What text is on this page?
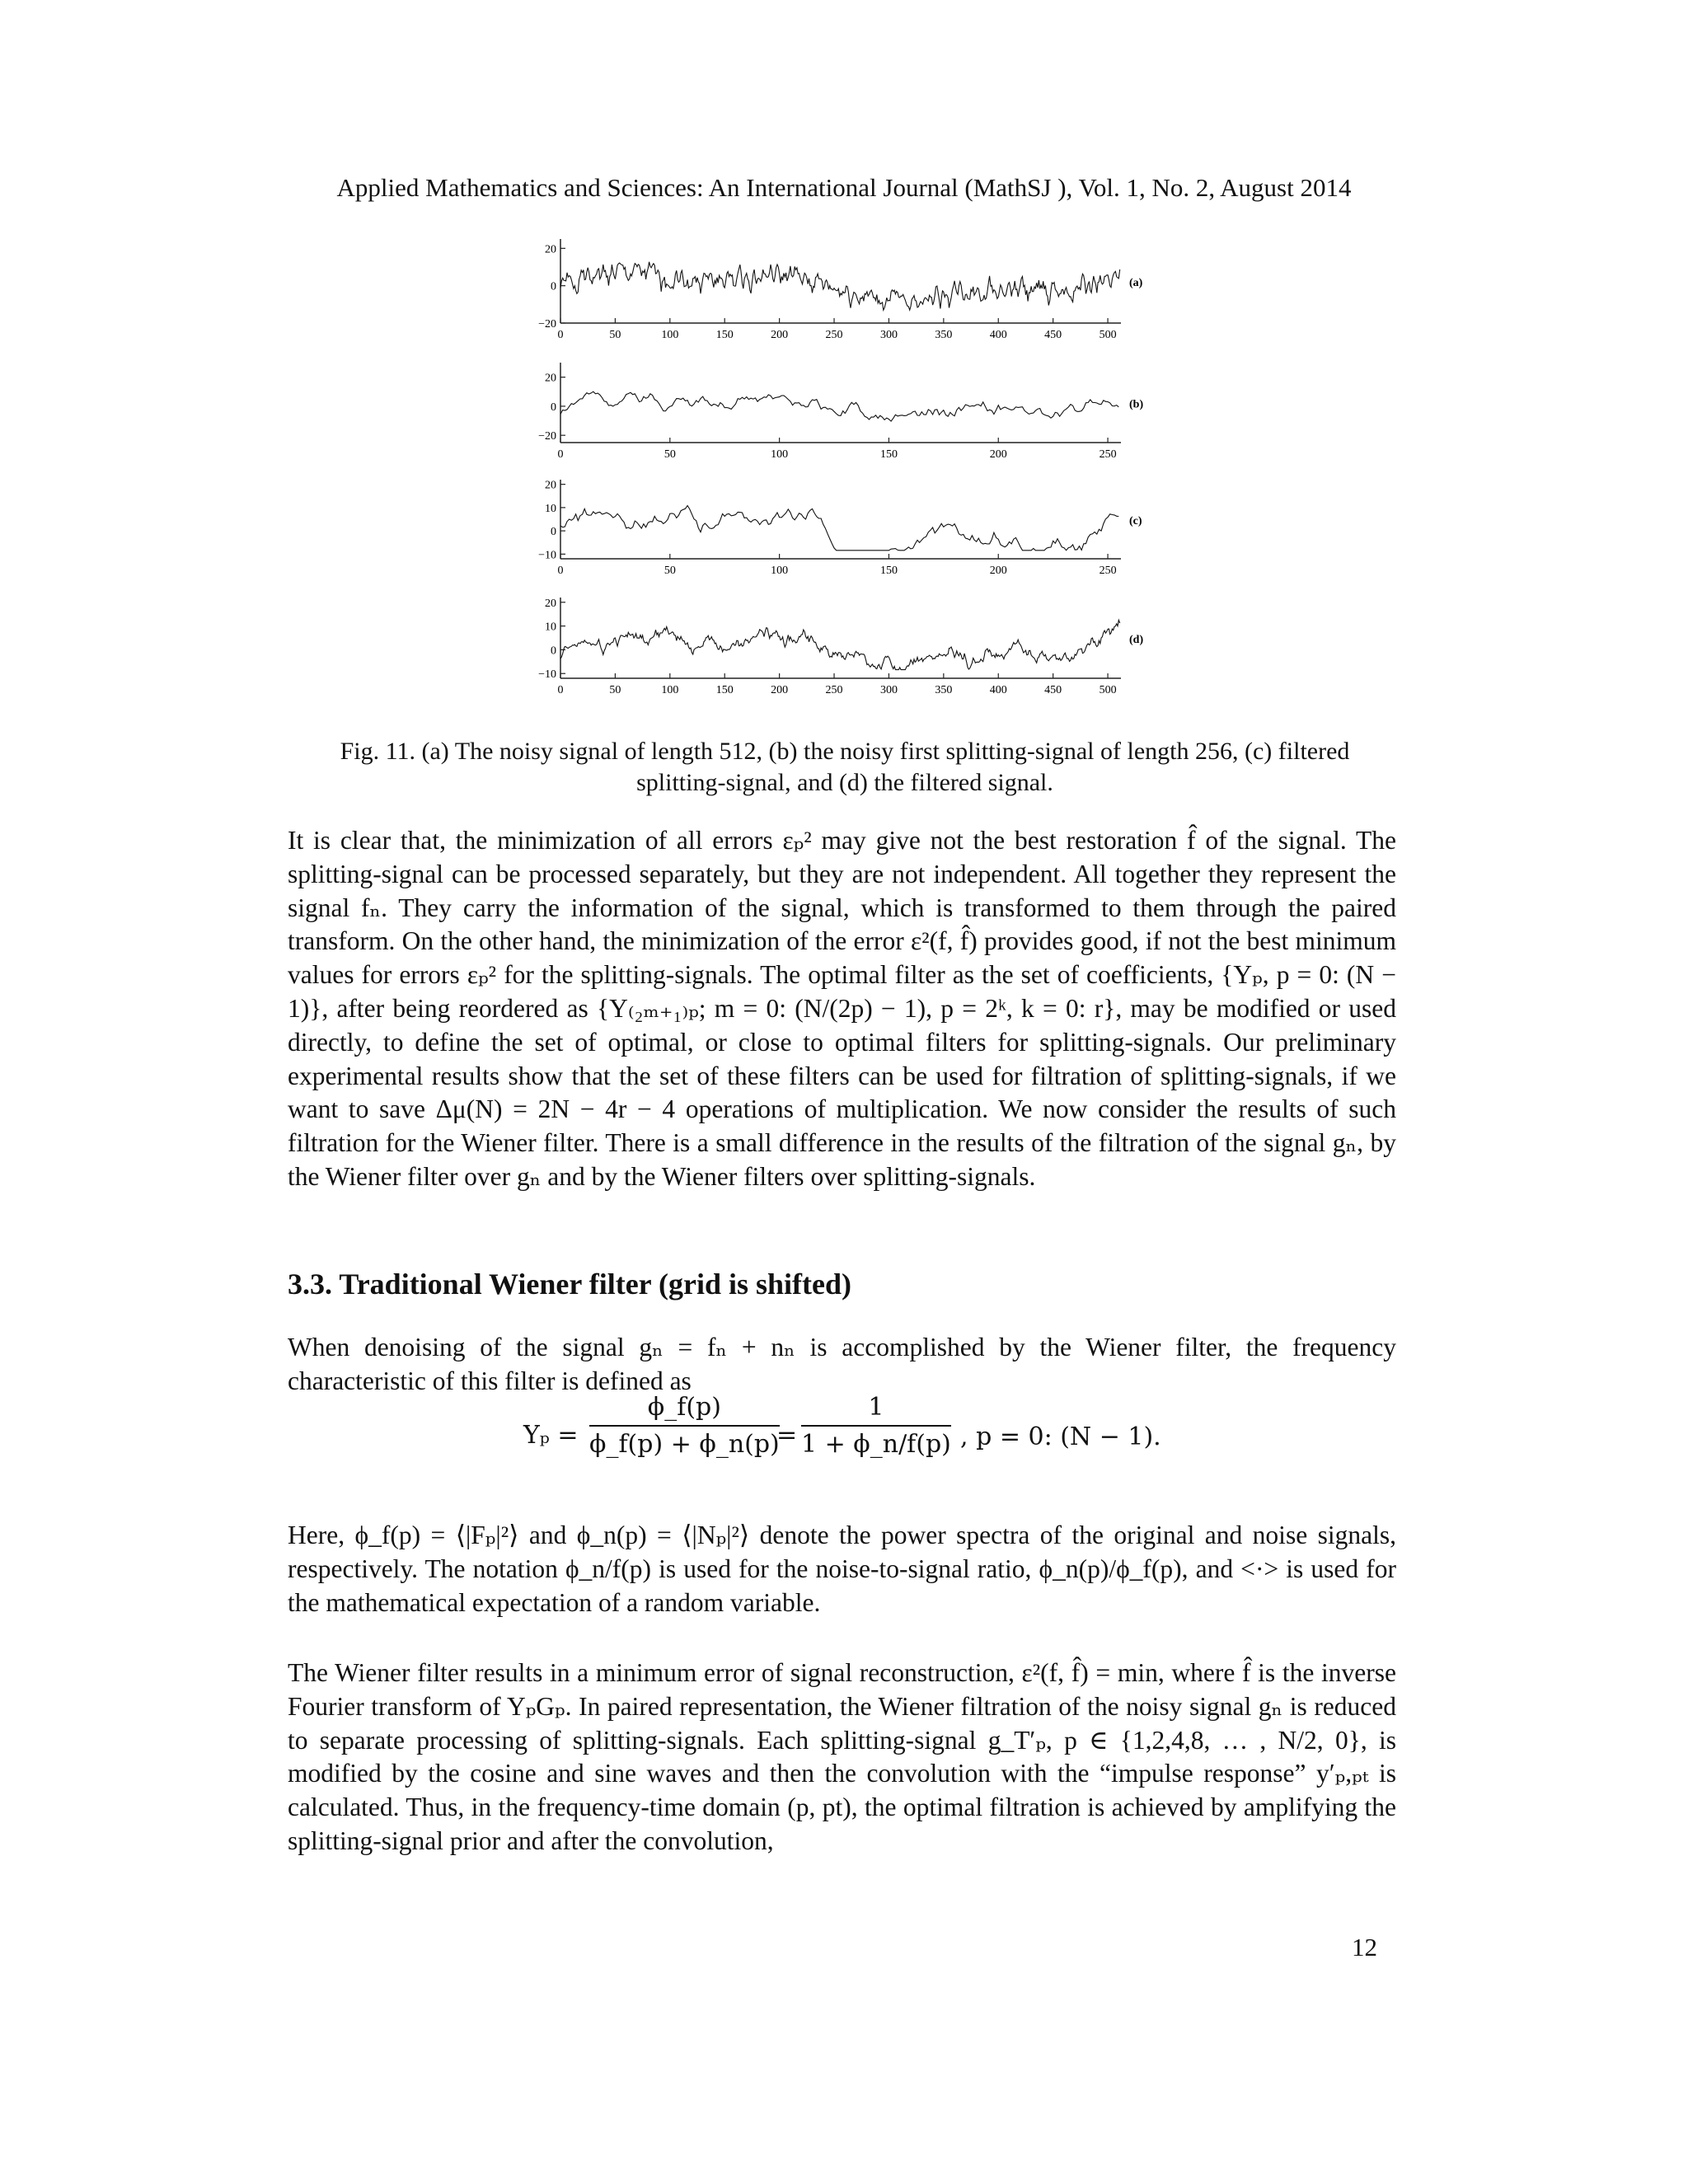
Applied Mathematics and Sciences: An International Journal (MathSJ ), Vol. 1, No. 2, August 2014
20
0
−20
0	50	100	150	200	250	300	350	400	450	500
(a)
20
0
−20
0	50	100	150	200	250
(b)
20
10
0
−10
0	50	100	150	200	250
(c)
20
10
0
−10
0	50	100	150	200	250	300	350	400	450	500
(d)
Fig. 11. (a) The noisy signal of length 512, (b) the noisy first splitting-signal of length 256, (c) filtered
splitting-signal, and (d) the filtered signal.
It is clear that, the minimization of all errors εₚ² may give not the best restoration f̂ of the signal. The splitting-signal can be processed separately, but they are not independent. All together they represent the signal fₙ. They carry the information of the signal, which is transformed to them through the paired transform. On the other hand, the minimization of the error ε²(f, f̂) provides good, if not the best minimum values for errors εₚ² for the splitting-signals. The optimal filter as the set of coefficients, {Yₚ, p = 0: (N − 1)}, after being reordered as {Y₍₂ₘ₊₁₎ₚ; m = 0: (N/(2p) − 1), p = 2ᵏ, k = 0: r}, may be modified or used directly, to define the set of optimal, or close to optimal filters for splitting-signals. Our preliminary experimental results show that the set of these filters can be used for filtration of splitting-signals, if we want to save Δμ(N) = 2N − 4r − 4 operations of multiplication. We now consider the results of such filtration for the Wiener filter. There is a small difference in the results of the filtration of the signal gₙ, by the Wiener filter over gₙ and by the Wiener filters over splitting-signals.
3.3. Traditional Wiener filter (grid is shifted)
When denoising of the signal gₙ = fₙ + nₙ is accomplished by the Wiener filter, the frequency characteristic of this filter is defined as
$Y_p = \frac{\phi\_f(p)}{\phi\_f(p) + \phi\_n(p)}$
= $\frac{1}{1 + \phi\_n/f(p)}$ , p = 0: (N − 1).
Here, ϕ_f(p) = ⟨|Fₚ|²⟩ and ϕ_n(p) = ⟨|Nₚ|²⟩ denote the power spectra of the original and noise signals, respectively. The notation ϕ_n/f(p) is used for the noise-to-signal ratio, ϕ_n(p)/ϕ_f(p), and <·> is used for the mathematical expectation of a random variable.
The Wiener filter results in a minimum error of signal reconstruction, ε²(f, f̂) = min, where f̂ is the inverse Fourier transform of YₚGₚ. In paired representation, the Wiener filtration of the noisy signal gₙ is reduced to separate processing of splitting-signals. Each splitting-signal g_T′ₚ, p ∈ {1,2,4,8, … , N/2, 0}, is modified by the cosine and sine waves and then the convolution with the “impulse response” y′ₚ,ₚₜ is calculated. Thus, in the frequency-time domain (p, pt), the optimal filtration is achieved by amplifying the splitting-signal prior and after the convolution,
12
